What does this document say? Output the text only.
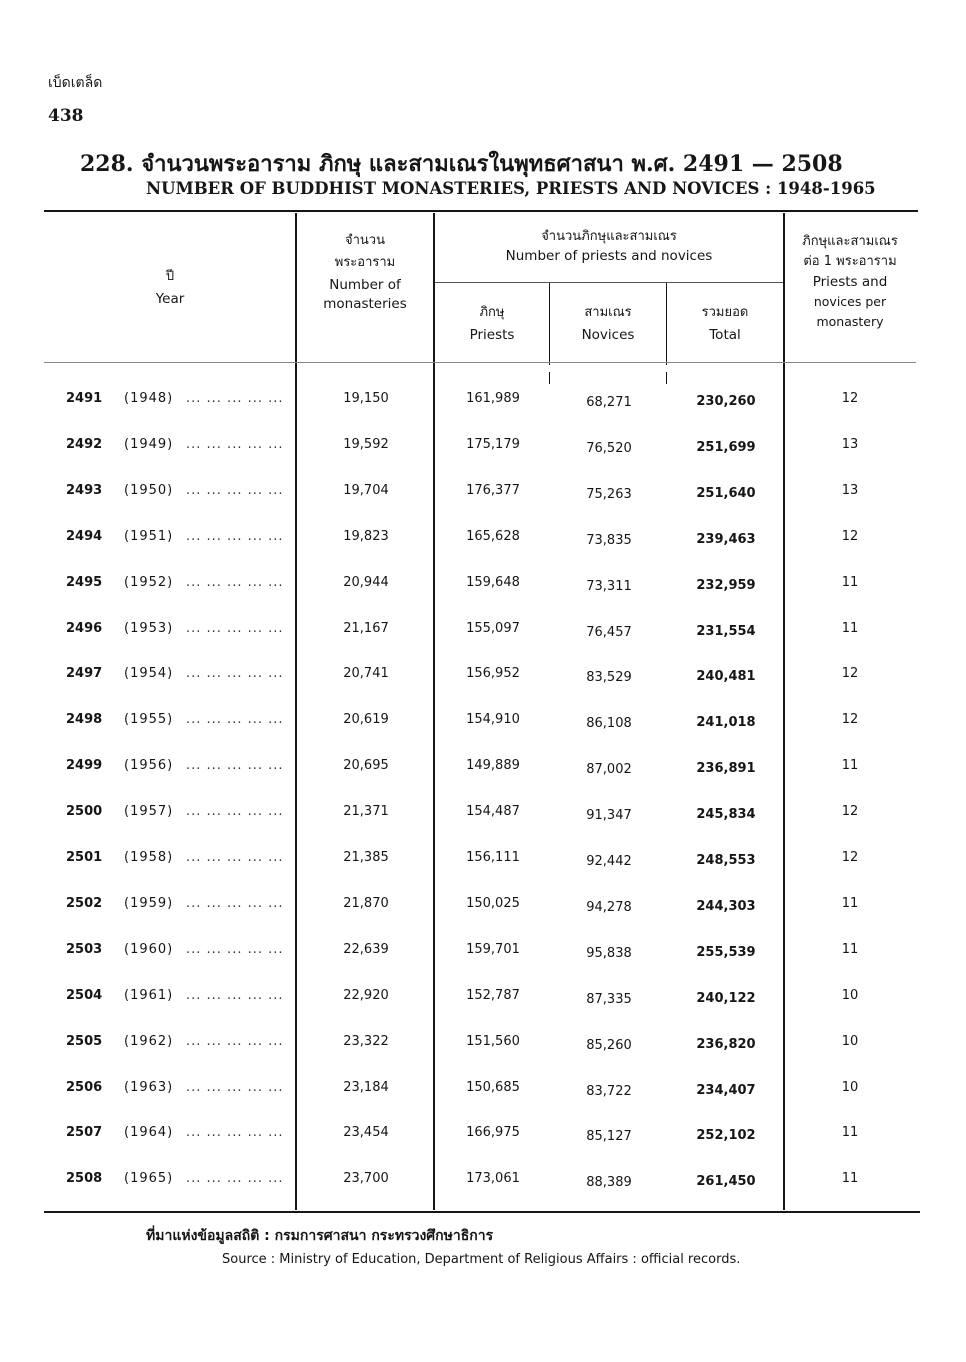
เบ็ดเตล็ด
438
228. จำนวนพระอาราม ภิกษุ และสามเณรในพุทธศาสนา พ.ศ. 2491 — 2508
NUMBER OF BUDDHIST MONASTERIES, PRIESTS AND NOVICES : 1948-1965
ปี
Year
จำนวน
พระอาราม
Number of
monasteries
จำนวนภิกษุและสามเณร
Number of priests and novices
ภิกษุ
Priests
สามเณร
Novices
รวมยอด
Total
ภิกษุและสามเณร
ต่อ 1 พระอาราม
Priests and
novices per
monastery
2491 (1948) ... ... ... ... ...	19,150	161,989	68,271	230,260	12
2492 (1949) ... ... ... ... ...	19,592	175,179	76,520	251,699	13
2493 (1950) ... ... ... ... ...	19,704	176,377	75,263	251,640	13
2494 (1951) ... ... ... ... ...	19,823	165,628	73,835	239,463	12
2495 (1952) ... ... ... ... ...	20,944	159,648	73,311	232,959	11
2496 (1953) ... ... ... ... ...	21,167	155,097	76,457	231,554	11
2497 (1954) ... ... ... ... ...	20,741	156,952	83,529	240,481	12
2498 (1955) ... ... ... ... ...	20,619	154,910	86,108	241,018	12
2499 (1956) ... ... ... ... ...	20,695	149,889	87,002	236,891	11
2500 (1957) ... ... ... ... ...	21,371	154,487	91,347	245,834	12
2501 (1958) ... ... ... ... ...	21,385	156,111	92,442	248,553	12
2502 (1959) ... ... ... ... ...	21,870	150,025	94,278	244,303	11
2503 (1960) ... ... ... ... ...	22,639	159,701	95,838	255,539	11
2504 (1961) ... ... ... ... ...	22,920	152,787	87,335	240,122	10
2505 (1962) ... ... ... ... ...	23,322	151,560	85,260	236,820	10
2506 (1963) ... ... ... ... ...	23,184	150,685	83,722	234,407	10
2507 (1964) ... ... ... ... ...	23,454	166,975	85,127	252,102	11
2508 (1965) ... ... ... ... ...	23,700	173,061	88,389	261,450	11
ที่มาแห่งข้อมูลสถิติ : กรมการศาสนา กระทรวงศึกษาธิการ
Source : Ministry of Education, Department of Religious Affairs : official records.
